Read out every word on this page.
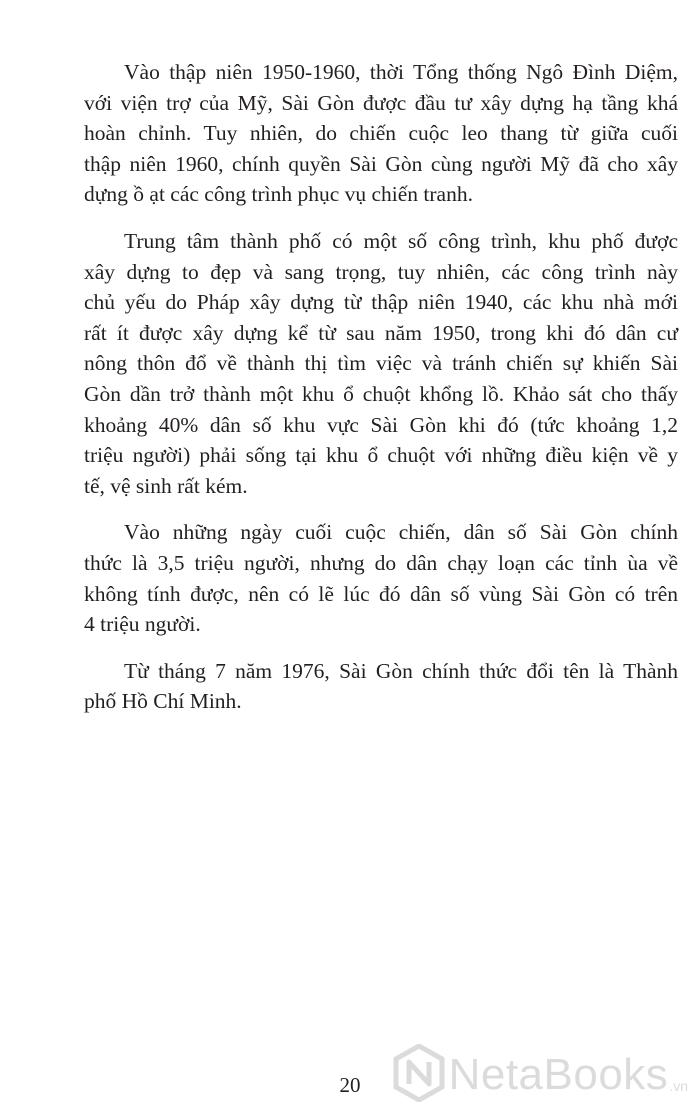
Vào thập niên 1950-1960, thời Tổng thống Ngô Đình Diệm,
với viện trợ của Mỹ, Sài Gòn được đầu tư xây dựng hạ tầng khá
hoàn chỉnh. Tuy nhiên, do chiến cuộc leo thang từ giữa cuối
thập niên 1960, chính quyền Sài Gòn cùng người Mỹ đã cho xây
dựng ồ ạt các công trình phục vụ chiến tranh.

Trung tâm thành phố có một số công trình, khu phố được
xây dựng to đẹp và sang trọng, tuy nhiên, các công trình này
chủ yếu do Pháp xây dựng từ thập niên 1940, các khu nhà mới
rất ít được xây dựng kể từ sau năm 1950, trong khi đó dân cư
nông thôn đổ về thành thị tìm việc và tránh chiến sự khiến Sài
Gòn dần trở thành một khu ổ chuột khổng lồ. Khảo sát cho thấy
khoảng 40% dân số khu vực Sài Gòn khi đó (tức khoảng 1,2
triệu người) phải sống tại khu ổ chuột với những điều kiện về y
tế, vệ sinh rất kém.

Vào những ngày cuối cuộc chiến, dân số Sài Gòn chính
thức là 3,5 triệu người, nhưng do dân chạy loạn các tỉnh ùa về
không tính được, nên có lẽ lúc đó dân số vùng Sài Gòn có trên
4 triệu người.

Từ tháng 7 năm 1976, Sài Gòn chính thức đổi tên là Thành
phố Hồ Chí Minh.

20	NetaBooks .vn
